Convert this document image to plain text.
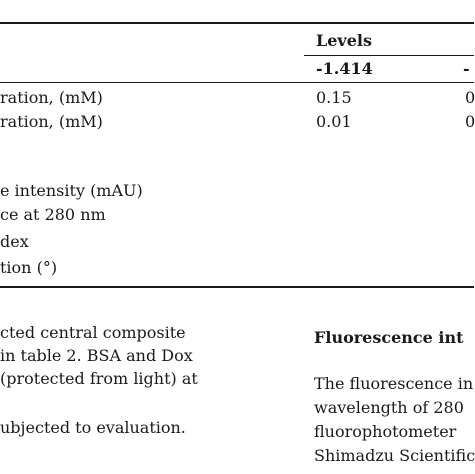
Levels
-1.414	-
ration, (mM)	0.15	0
ration, (mM)	0.01	0
e intensity (mAU)
ce at 280 nm
dex
tion (°)
cted central composite
in table 2. BSA and Dox
(protected from light) at
ubjected to evaluation.
Fluorescence int
The fluorescence in
wavelength of 280
fluorophotometer
Shimadzu Scientific
